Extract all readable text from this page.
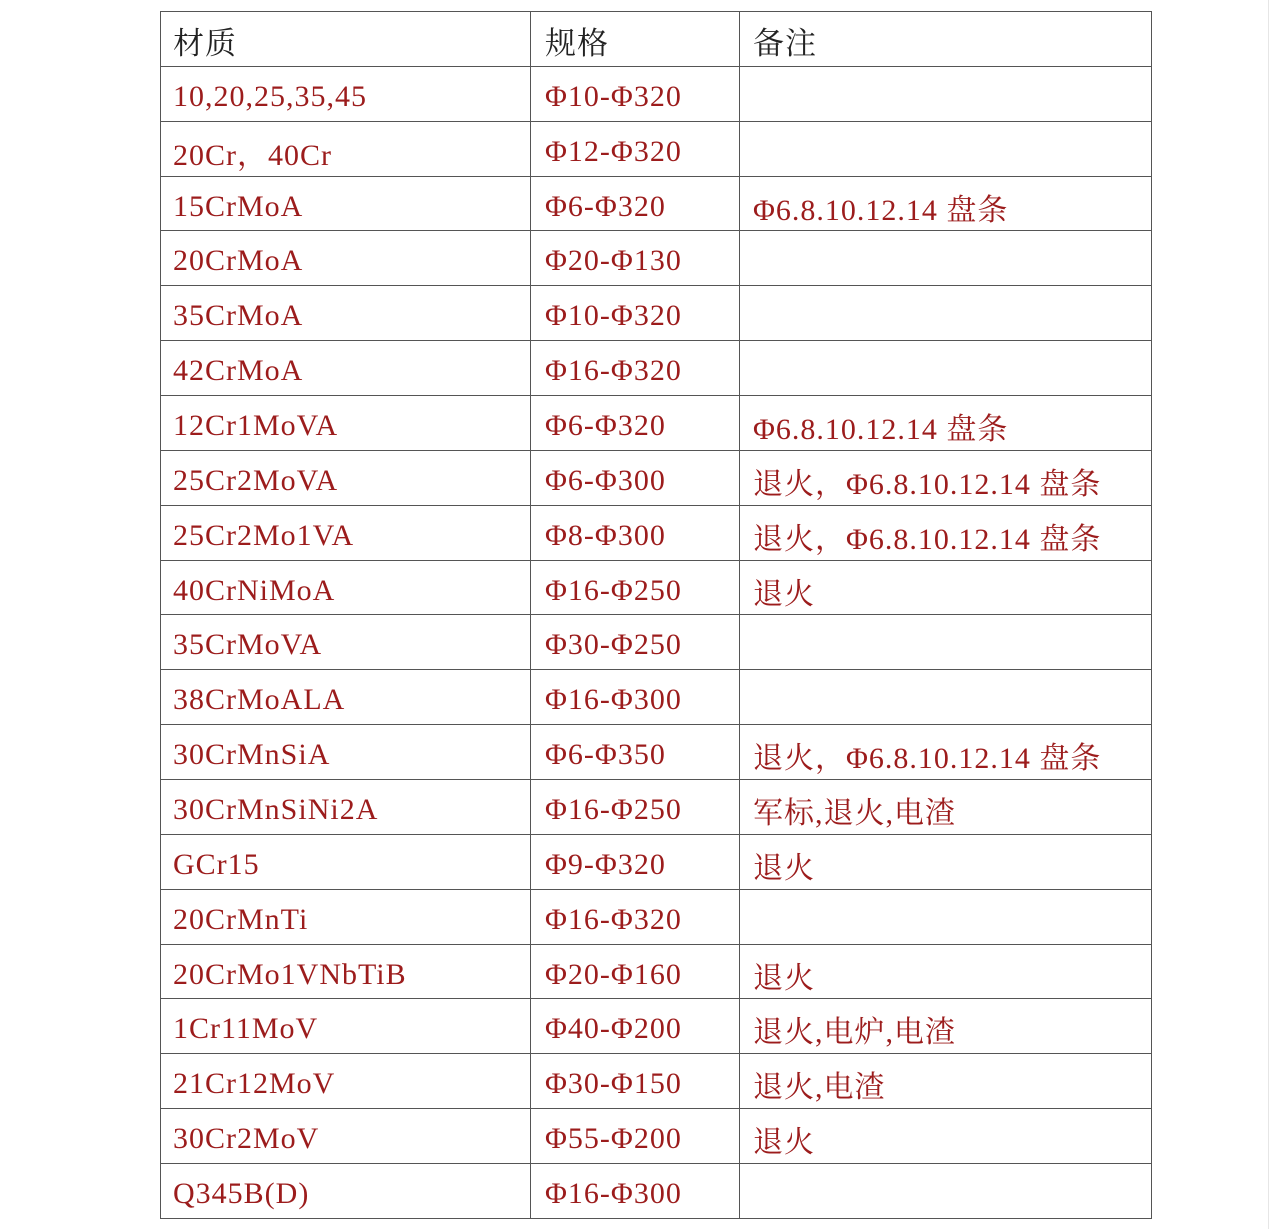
材质	规格	备注
10,20,25,35,45	Φ10-Φ320	
20Cr，40Cr	Φ12-Φ320	
15CrMoA	Φ6-Φ320	Φ6.8.10.12.14 盘条
20CrMoA	Φ20-Φ130	
35CrMoA	Φ10-Φ320	
42CrMoA	Φ16-Φ320	
12Cr1MoVA	Φ6-Φ320	Φ6.8.10.12.14 盘条
25Cr2MoVA	Φ6-Φ300	退火，Φ6.8.10.12.14 盘条
25Cr2Mo1VA	Φ8-Φ300	退火，Φ6.8.10.12.14 盘条
40CrNiMoA	Φ16-Φ250	退火
35CrMoVA	Φ30-Φ250	
38CrMoALA	Φ16-Φ300	
30CrMnSiA	Φ6-Φ350	退火，Φ6.8.10.12.14 盘条
30CrMnSiNi2A	Φ16-Φ250	军标,退火,电渣
GCr15	Φ9-Φ320	退火
20CrMnTi	Φ16-Φ320	
20CrMo1VNbTiB	Φ20-Φ160	退火
1Cr11MoV	Φ40-Φ200	退火,电炉,电渣
21Cr12MoV	Φ30-Φ150	退火,电渣
30Cr2MoV	Φ55-Φ200	退火
Q345B(D)	Φ16-Φ300	
